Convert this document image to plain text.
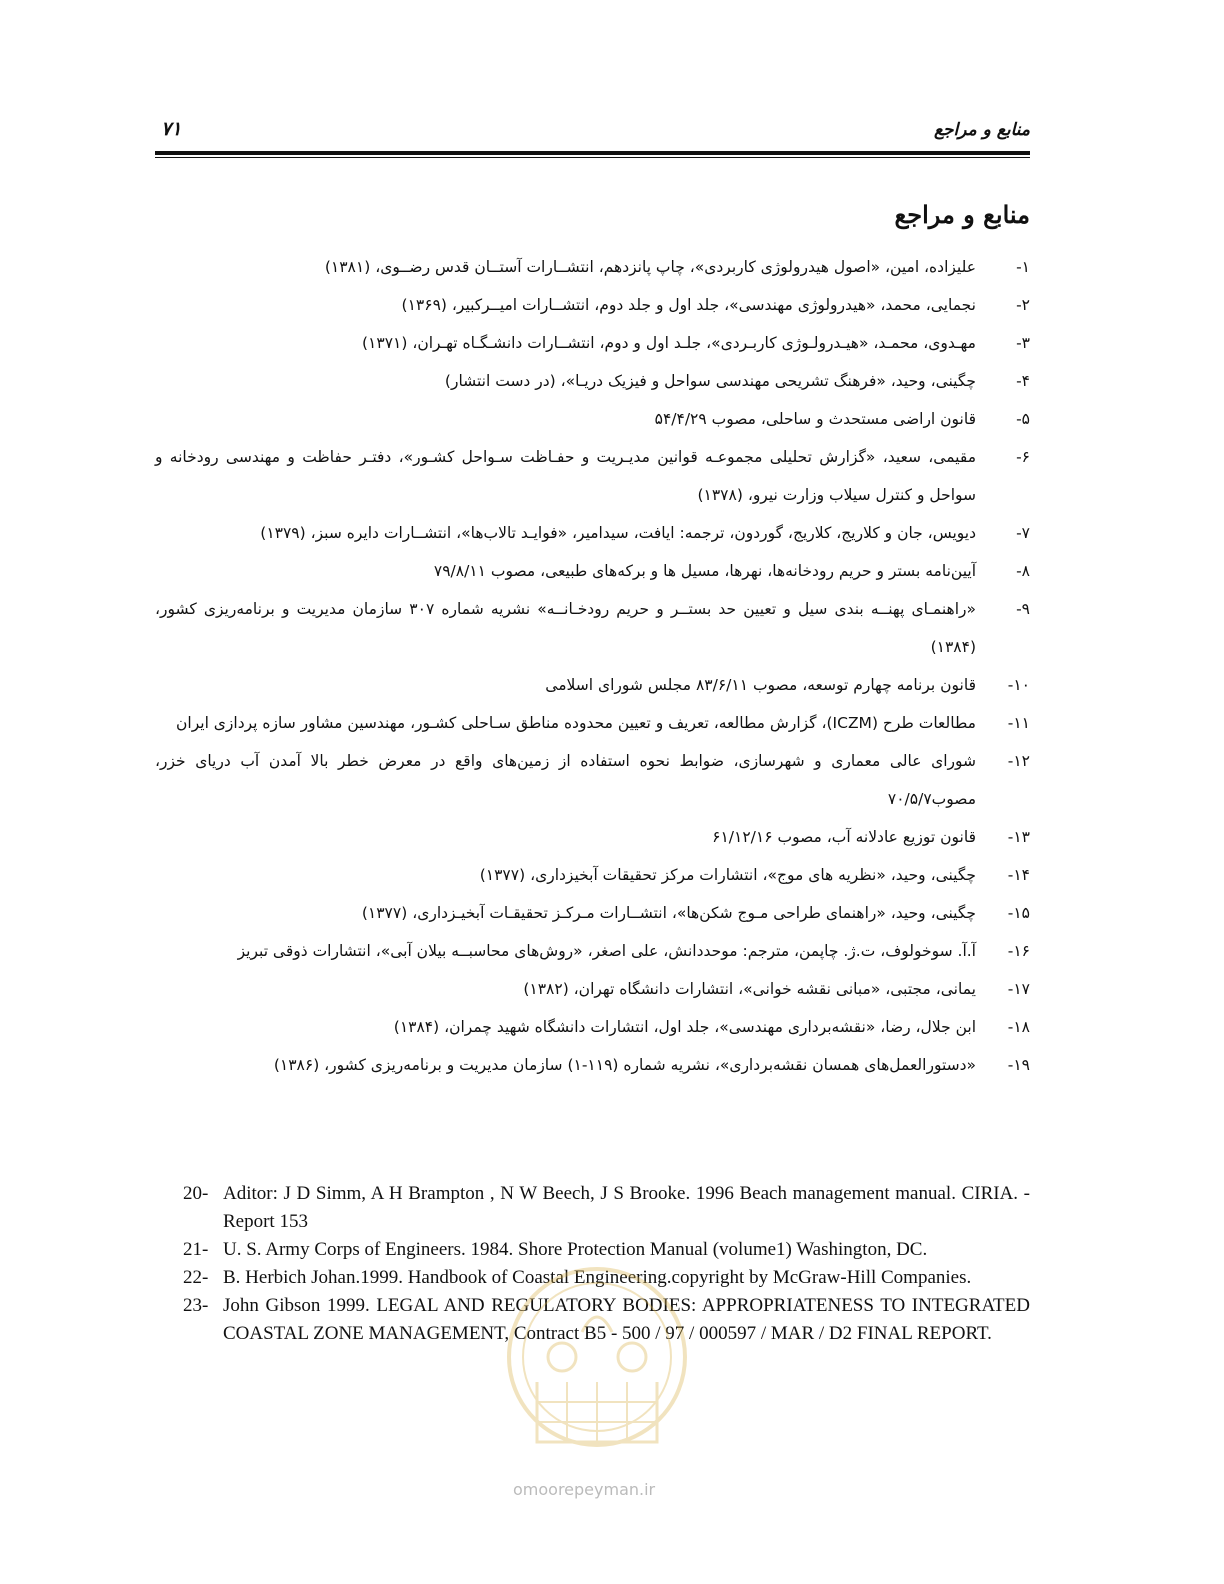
منابع و مراجع
۷۱
منابع و مراجع
۱-
علیزاده، امین، «اصول هیدرولوژی کاربردی»، چاپ پانزدهم، انتشــارات آستــان قدس رضــوی، (۱۳۸۱)
۲-
نجمایی، محمد، «هیدرولوژی مهندسی»، جلد اول و جلد دوم، انتشــارات امیــرکبیر، (۱۳۶۹)
۳-
مهـدوی، محمـد، «هیـدرولـوژی کاربـردی»، جلـد اول و دوم، انتشــارات دانشـگـاه تهـران، (۱۳۷۱)
۴-
چگینی، وحید، «فرهنگ تشریحی مهندسی سواحل و فیزیک دریـا»، (در دست انتشار)
۵-
قانون اراضی مستحدث و ساحلی، مصوب ۵۴/۴/۲۹
۶-
مقیمی، سعید، «گزارش تحلیلی مجموعـه قوانین مدیـریت و حفـاظت سـواحل کشـور»، دفتـر حفاظت و مهندسی رودخانه و سواحل و کنترل سیلاب وزارت نیرو، (۱۳۷۸)
۷-
دیویس، جان و کلاریج، کلاریج، گوردون، ترجمه: ایافت، سیدامیر، «فوایـد تالاب‌ها»، انتشــارات دایره سبز، (۱۳۷۹)
۸-
آیین‌نامه بستر و حریم رودخانه‌ها، نهرها، مسیل ها و برکه‌های طبیعی، مصوب ۷۹/۸/۱۱
۹-
«راهنمـای پهنــه بندی سیل و تعیین حد بستــر و حریم رودخـانــه» نشریه شماره ۳۰۷ سازمان مدیریت و برنامه‌ریزی کشور، (۱۳۸۴)
۱۰-
قانون برنامه چهارم توسعه، مصوب ۸۳/۶/۱۱ مجلس شورای اسلامی
۱۱-
مطالعات طرح (ICZM)، گزارش مطالعه، تعریف و تعیین محدوده مناطق سـاحلی کشـور، مهندسین مشاور سازه پردازی ایران
۱۲-
شورای عالی معماری و شهرسازی، ضوابط نحوه استفاده از زمین‌های واقع در معرض خطر بالا آمدن آب دریای خزر، مصوب۷۰/۵/۷
۱۳-
قانون توزیع عادلانه آب، مصوب ۶۱/۱۲/۱۶
۱۴-
چگینی، وحید، «نظریه های موج»، انتشارات مرکز تحقیقات آبخیزداری، (۱۳۷۷)
۱۵-
چگینی، وحید، «راهنمای طراحی مـوج شکن‌ها»، انتشــارات مـرکـز تحقیقـات آبخیـزداری، (۱۳۷۷)
۱۶-
آ.آ. سوخولوف، ت.ژ. چاپمن، مترجم: موحددانش، علی اصغر، «روش‌های محاسبــه بیلان آبی»، انتشارات ذوقی تبریز
۱۷-
یمانی، مجتبی، «مبانی نقشه خوانی»، انتشارات دانشگاه تهران، (۱۳۸۲)
۱۸-
ابن جلال، رضا، «نقشه‌برداری مهندسی»، جلد اول، انتشارات دانشگاه شهید چمران، (۱۳۸۴)
۱۹-
«دستورالعمل‌های همسان نقشه‌برداری»، نشریه شماره (۱۱۹-۱) سازمان مدیریت و برنامه‌ریزی کشور، (۱۳۸۶)
20- Aditor: J D Simm, A H Brampton , N W Beech, J S Brooke. 1996 Beach management manual. CIRIA. - Report 153
21- U. S. Army Corps of Engineers. 1984. Shore Protection Manual (volume1) Washington, DC.
22- B. Herbich Johan.1999. Handbook of Coastal Engineering.copyright by McGraw-Hill Companies.
23- John Gibson 1999. LEGAL AND REGULATORY BODIES: APPROPRIATENESS TO INTEGRATED COASTAL ZONE MANAGEMENT, Contract B5 - 500 / 97 / 000597 / MAR / D2 FINAL REPORT.
omoorepeyman.ir
